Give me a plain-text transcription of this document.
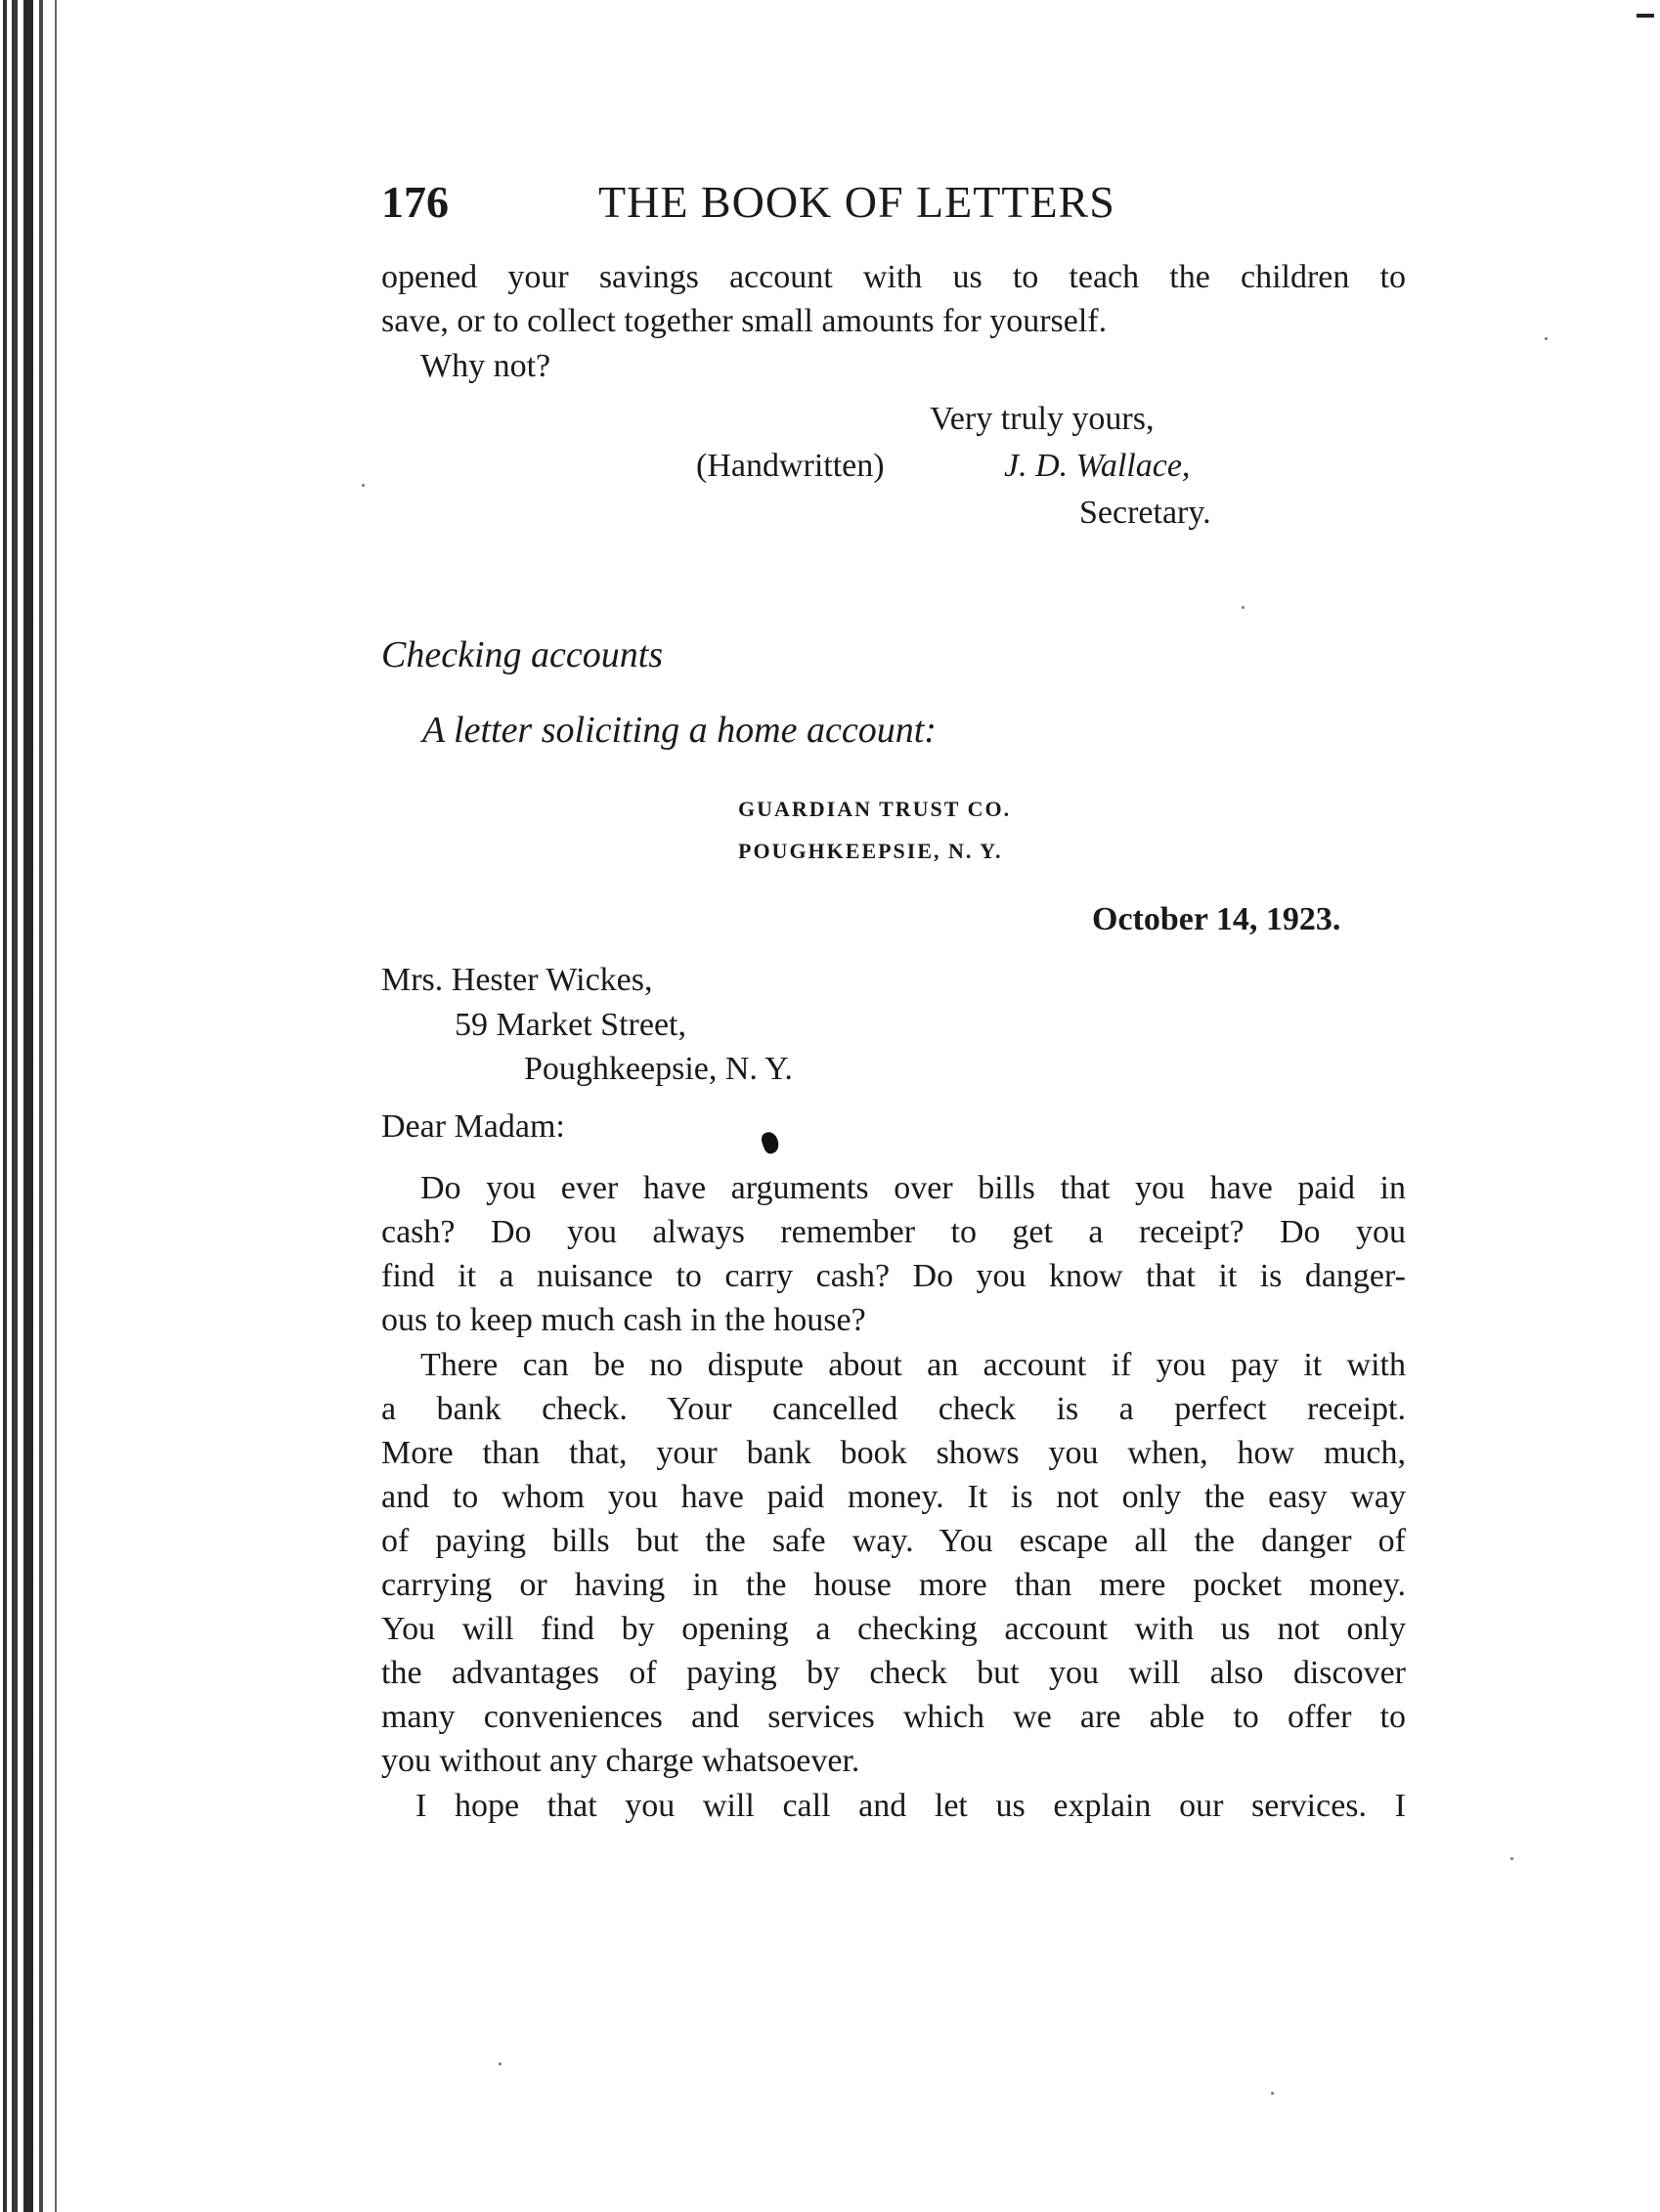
176	THE BOOK OF LETTERS
opened your savings account with us to teach the children to
save, or to collect together small amounts for yourself.
Why not?
Very truly yours,
(Handwritten)	J. D. Wallace,
Secretary.
Checking accounts
A letter soliciting a home account:
GUARDIAN TRUST CO.
POUGHKEEPSIE, N. Y.
October 14, 1923.
Mrs. Hester Wickes,
59 Market Street,
Poughkeepsie, N. Y.
Dear Madam:
Do you ever have arguments over bills that you have paid in
cash? Do you always remember to get a receipt? Do you
find it a nuisance to carry cash? Do you know that it is danger-
ous to keep much cash in the house?
There can be no dispute about an account if you pay it with
a bank check. Your cancelled check is a perfect receipt.
More than that, your bank book shows you when, how much,
and to whom you have paid money. It is not only the easy way
of paying bills but the safe way. You escape all the danger of
carrying or having in the house more than mere pocket money.
You will find by opening a checking account with us not only
the advantages of paying by check but you will also discover
many conveniences and services which we are able to offer to
you without any charge whatsoever.
I hope that you will call and let us explain our services. I
